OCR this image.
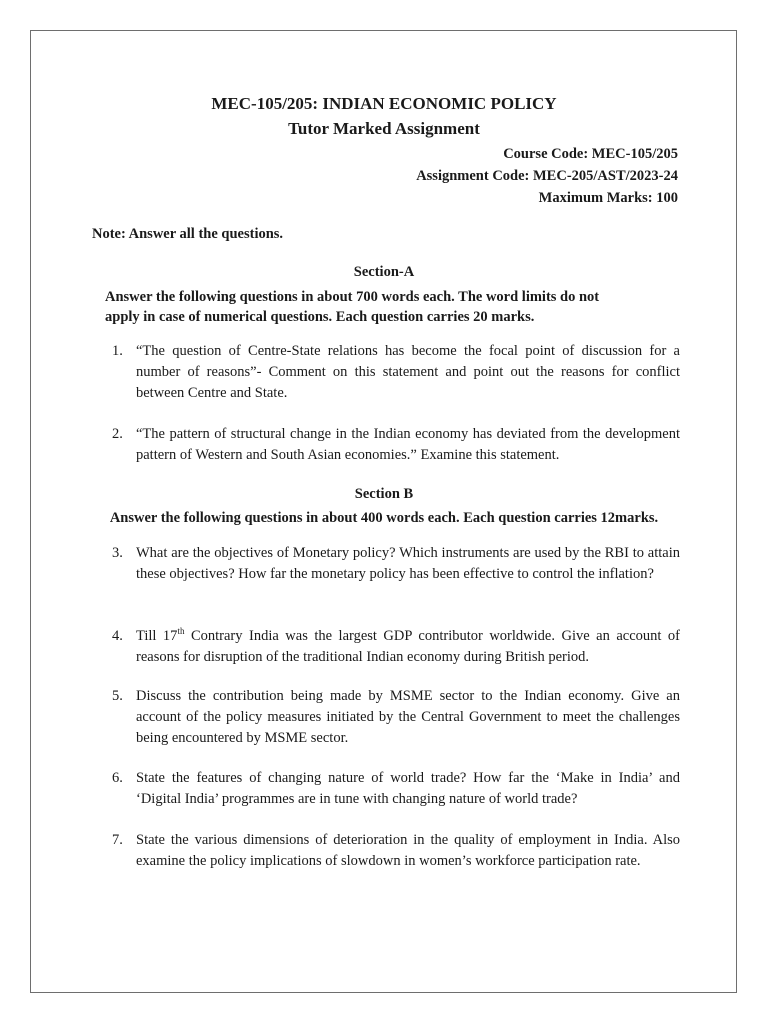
MEC-105/205: INDIAN ECONOMIC POLICY
Tutor Marked Assignment
Course Code: MEC-105/205
Assignment Code: MEC-205/AST/2023-24
Maximum Marks: 100
Note: Answer all the questions.
Section-A
Answer the following questions in about 700 words each. The word limits do not
apply in case of numerical questions. Each question carries 20 marks.
1. “The question of Centre-State relations has become the focal point of discussion for a number of reasons”- Comment on this statement and point out the reasons for conflict between Centre and State.
2. “The pattern of structural change in the Indian economy has deviated from the development pattern of Western and South Asian economies.” Examine this statement.
Section B
Answer the following questions in about 400 words each. Each question carries 12marks.
3. What are the objectives of Monetary policy? Which instruments are used by the RBI to attain these objectives? How far the monetary policy has been effective to control the inflation?
4. Till 17th Contrary India was the largest GDP contributor worldwide. Give an account of reasons for disruption of the traditional Indian economy during British period.
5. Discuss the contribution being made by MSME sector to the Indian economy. Give an account of the policy measures initiated by the Central Government to meet the challenges being encountered by MSME sector.
6. State the features of changing nature of world trade? How far the ‘Make in India’ and ‘Digital India’ programmes are in tune with changing nature of world trade?
7. State the various dimensions of deterioration in the quality of employment in India. Also examine the policy implications of slowdown in women’s workforce participation rate.
